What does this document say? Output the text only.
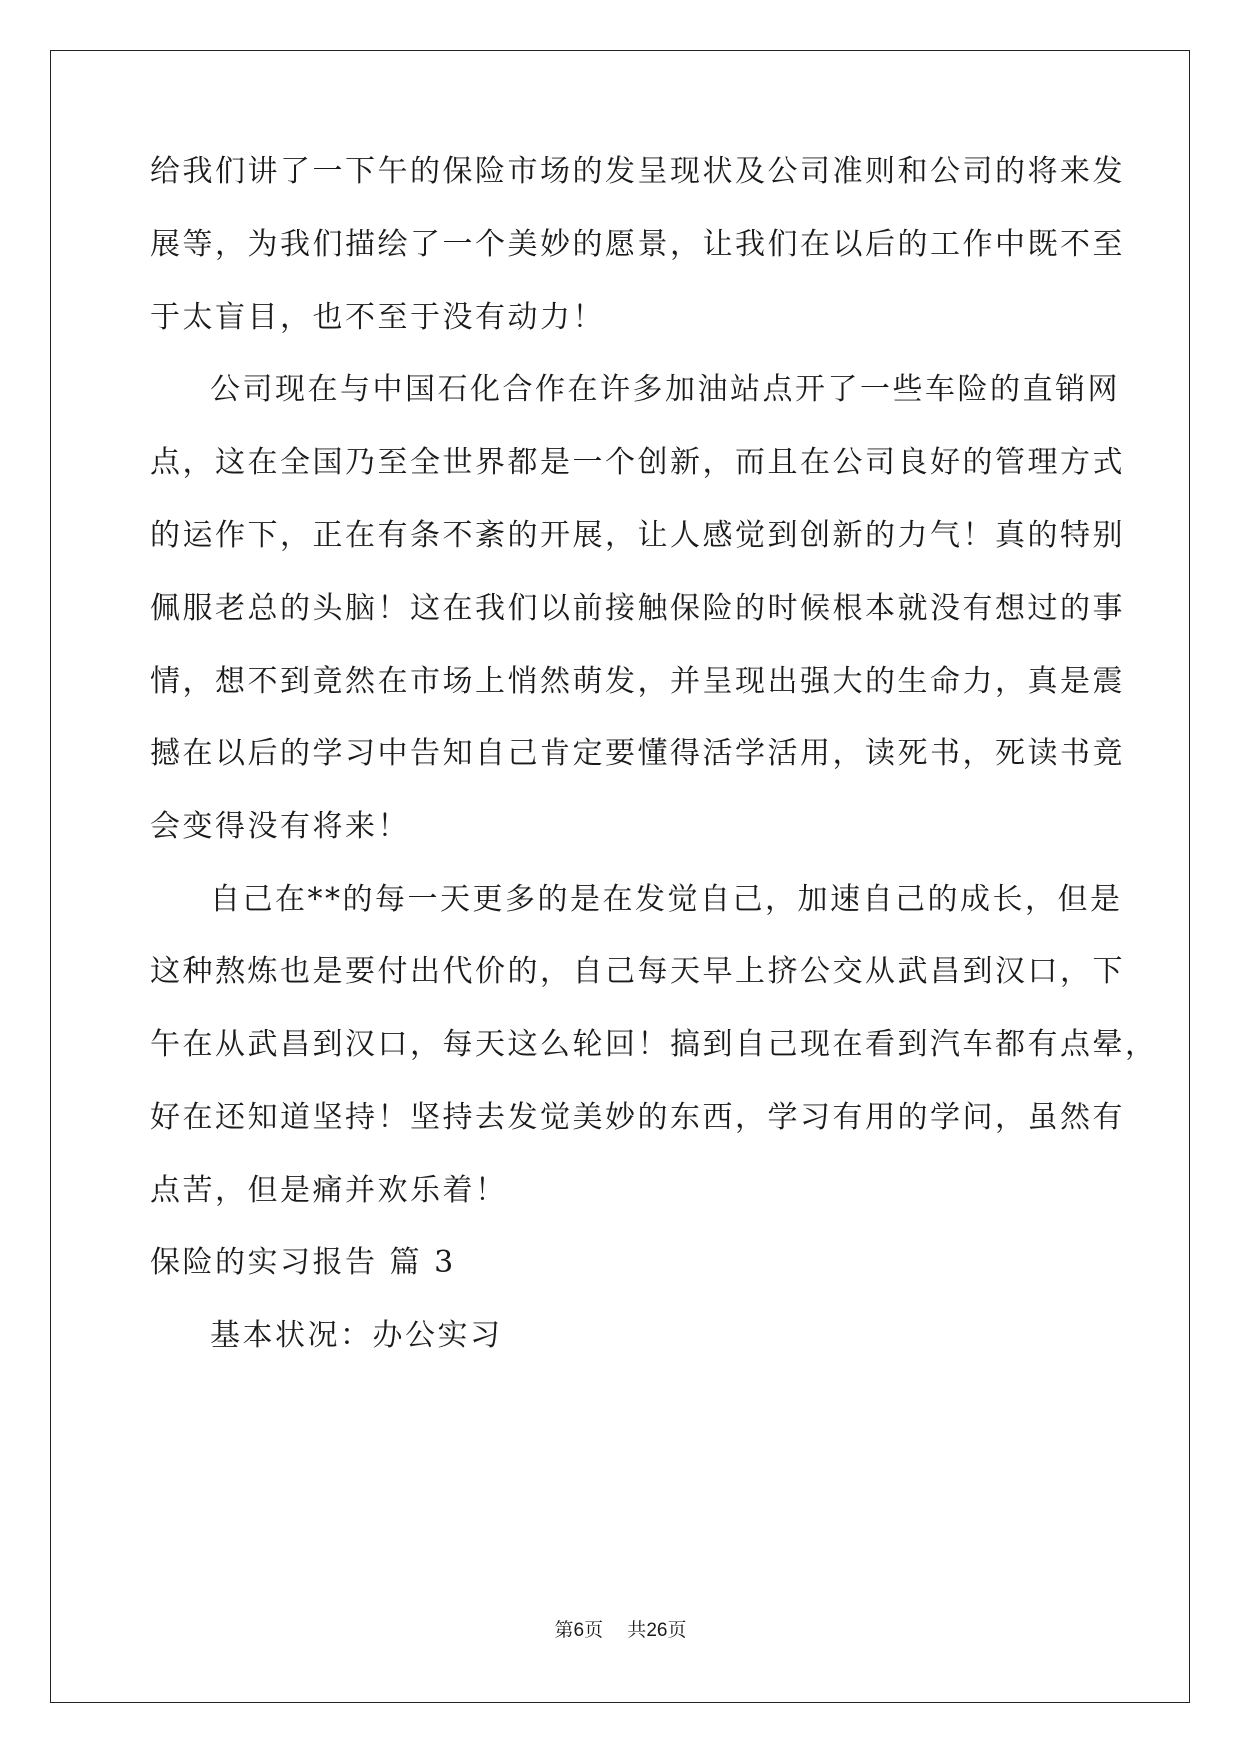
给我们讲了一下午的保险市场的发呈现状及公司准则和公司的将来发
展等，为我们描绘了一个美妙的愿景，让我们在以后的工作中既不至
于太盲目，也不至于没有动力！
公司现在与中国石化合作在许多加油站点开了一些车险的直销网
点，这在全国乃至全世界都是一个创新，而且在公司良好的管理方式
的运作下，正在有条不紊的开展，让人感觉到创新的力气！真的特别
佩服老总的头脑！这在我们以前接触保险的时候根本就没有想过的事
情，想不到竟然在市场上悄然萌发，并呈现出强大的生命力，真是震
撼在以后的学习中告知自己肯定要懂得活学活用，读死书，死读书竟
会变得没有将来！
自己在**的每一天更多的是在发觉自己，加速自己的成长，但是
这种熬炼也是要付出代价的，自己每天早上挤公交从武昌到汉口，下
午在从武昌到汉口，每天这么轮回！搞到自己现在看到汽车都有点晕，
好在还知道坚持！坚持去发觉美妙的东西，学习有用的学问，虽然有
点苦，但是痛并欢乐着！
保险的实习报告 篇 3
基本状况：办公实习
第6页 共26页
